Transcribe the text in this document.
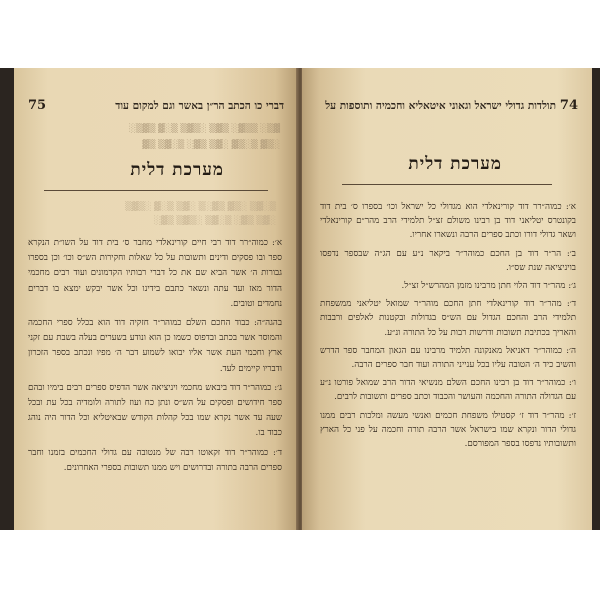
75	דברי כו הכתב הר״ן באשר וגם למקום עוד
▓▒░ ▒▒▓░ ▒▓▒ ░▒▓▒ ▒░▓ ▒▓▒░
░▒▓ ▒░▒▓ ░▓▒ ▒▓░ ▒░▓▒ ▒▓
מערכת דלית
▒░▓▒ ░▒▓ ▒▓░▒ ░▓▒ ▒░▓ ░▒▓▒
░▓▒ ▒▓░ ▒░▓▒ ░▒▓▒ ▒▓░

א׳: כמוה״רר דוד רבי חיים קורינאלדי מחבר ס׳ בית דוד על השו״ת הנקרא ספר ובו פסקים ודינים ותשובות על כל שאלות וחקירות הש״ס וכו׳ וכן בספרו גבורות ה׳ אשר הביא שם את כל דברי רבותיו הקדמונים ועוד רבים מחכמי הדור מאז ועד עתה ונשאר כתבם בידינו וכל אשר יבקש ימצא בו דברים נחמדים וטובים.

בהגה״ה: כבוד החכם השלם כמוהר״ר חזקיה דוד הוא בכלל ספרי החכמה והמוסר אשר בכתב ובדפוס כשמו כן הוא ונודע בשערים בעלה בשבת עם זקני ארץ וחכמי העת אשר אליו יבואו לשמוע דבר ה׳ מפיו ונכתב בספר הזכרון ודבריו קיימים לעד.

ג׳: כמוהר״ר דוד ביבאש מחכמי ויניציאה אשר הדפיס ספרים רבים בימיו ובהם ספר חידושים ופסקים על הש״ס ונתן כח ועוז לתורה ולומדיה בכל עת ובכל שעה עד אשר נקרא שמו בכל קהלות הקודש שבאיטליא וכל הדור היה נוהג כבוד בו.

ד׳: כמוהר״ר דוד זקאוטו רבה של מנטובה עם גדולי החכמים בזמנו וחבר ספרים הרבה בתורה ובדרושים ויש ממנו תשובות בספרי האחרונים.

74
תולדות גדולי ישראל וגאוני איטאליא וחכמיה ותוספות על
מערכת דלית

א׳: כמוה״רר דוד קורינאלדי הוא מגדולי כל ישראל וכו׳ בספרו ס׳ בית דוד בקונטרס יטליאני דוד בן רבינו משולם זצ״ל תלמידי הרב מהר״ם קורינאלדי ושאר גדולי דורו וכתב ספרים הרבה ונשארו אחריו.

ב׳: הר״ר דוד בן החכם כמוהר״ר ביקאר נ״ע עם הג״ה שבספר נדפסו בויניציאה שנת שס״ו.

ג׳: מהר״ר דוד הלוי חתן מרבינו מזמן המהרש״ל זצ״ל.

ד׳: מהר״ר דוד קורינאלדי חתן החכם מוהר״ר שמואל יטליאני ממשפחת תלמידי הרב והחכם הגדול עם הש״ס בגדולות ובקטנות לאלפים ורבבות והאריך בכתיבת תשובות ודרשות רבות על כל התורה ונ״ע.

ה׳: כמוהר״ר דאניאל מאנקונה תלמיד מרבינו עם הגאון המחבר ספר הדרש והשיב כיד ה׳ הטובה עליו בכל ענייני התורה ועוד חבר ספרים הרבה.

ו׳: כמוהר״ר דוד בן רבינו החכם השלם מנשיאי הדור הרב שמואל פורטו נ״ע עם הגדולה התורה והחכמה והעושר והכבוד וכתב ספרים ותשובות לרבים.

ז׳: מהר״ר דוד ז׳ קסטילו משפחת חכמים ואנשי מעשה ומלכות רבים ממנו גדולי הדור ונקרא שמו בישראל אשר הרבה תורה וחכמה על פני כל הארץ ותשובותיו נדפסו בספר המפורסם.
